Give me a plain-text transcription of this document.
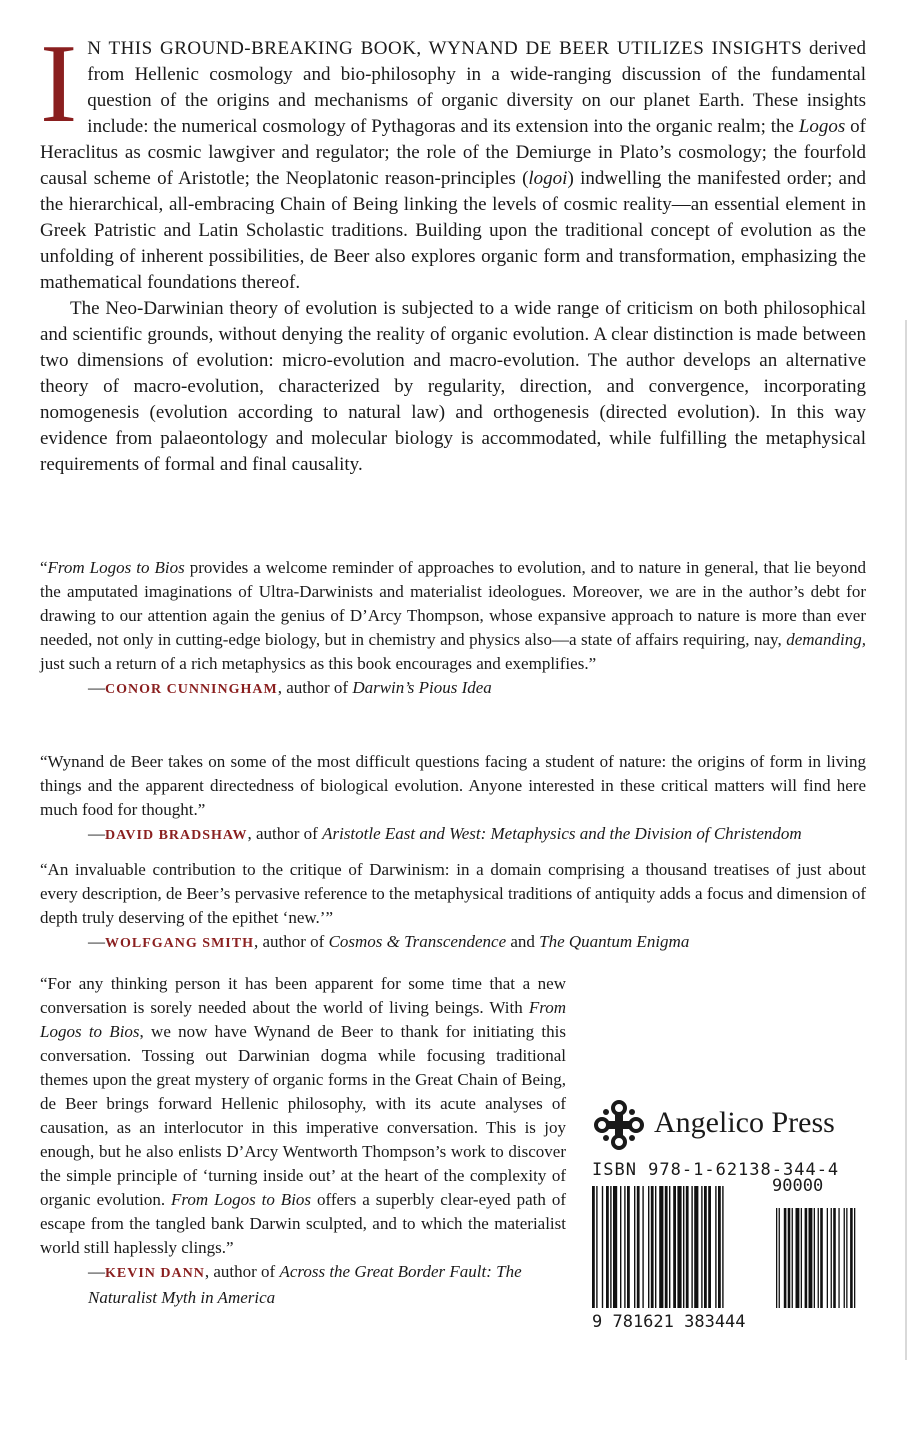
I N THIS GROUND-BREAKING BOOK, WYNAND DE BEER UTILIZES INSIGHTS derived from Hellenic cosmology and bio-philosophy in a wide-ranging discussion of the fundamental question of the origins and mechanisms of organic diversity on our planet Earth. These insights include: the numerical cosmology of Pythagoras and its extension into the organic realm; the Logos of Heraclitus as cosmic lawgiver and regulator; the role of the Demiurge in Plato’s cosmology; the fourfold causal scheme of Aristotle; the Neoplatonic reason-principles (logoi) indwelling the manifested order; and the hierarchical, all-embracing Chain of Being linking the levels of cosmic reality—an essential element in Greek Patristic and Latin Scholastic traditions. Building upon the traditional concept of evolution as the unfolding of inherent possibilities, de Beer also explores organic form and transformation, emphasizing the mathematical foundations thereof.

The Neo-Darwinian theory of evolution is subjected to a wide range of criticism on both philosophical and scientific grounds, without denying the reality of organic evolution. A clear distinction is made between two dimensions of evolution: micro-evolution and macro-evolution. The author develops an alternative theory of macro-evolution, characterized by regularity, direction, and convergence, incorporating nomogenesis (evolution according to natural law) and orthogenesis (directed evolution). In this way evidence from palaeontology and molecular biology is accommodated, while fulfilling the metaphysical requirements of formal and final causality.

“From Logos to Bios provides a welcome reminder of approaches to evolution, and to nature in general, that lie beyond the amputated imaginations of Ultra-Darwinists and materialist ideologues. Moreover, we are in the author’s debt for drawing to our attention again the genius of D’Arcy Thompson, whose expansive approach to nature is more than ever needed, not only in cutting-edge biology, but in chemistry and physics also—a state of affairs requiring, nay, demanding, just such a return of a rich metaphysics as this book encourages and exemplifies.”
—CONOR CUNNINGHAM, author of Darwin’s Pious Idea
“Wynand de Beer takes on some of the most difficult questions facing a student of nature: the origins of form in living things and the apparent directedness of biological evolution. Anyone interested in these critical matters will find here much food for thought.”
—DAVID BRADSHAW, author of Aristotle East and West: Metaphysics and the Division of Christendom
“An invaluable contribution to the critique of Darwinism: in a domain comprising a thousand treatises of just about every description, de Beer’s pervasive reference to the metaphysical traditions of antiquity adds a focus and dimension of depth truly deserving of the epithet ‘new.’”
—WOLFGANG SMITH, author of Cosmos & Transcendence and The Quantum Enigma
“For any thinking person it has been apparent for some time that a new conversation is sorely needed about the world of living beings. With From Logos to Bios, we now have Wynand de Beer to thank for initiating this conversation. Tossing out Darwinian dogma while focusing traditional themes upon the great mystery of organic forms in the Great Chain of Being, de Beer brings forward Hellenic philosophy, with its acute analyses of causation, as an interlocutor in this imperative conversation. This is joy enough, but he also enlists D’Arcy Wentworth Thompson’s work to discover the simple principle of ‘turning inside out’ at the heart of the complexity of organic evolution. From Logos to Bios offers a superbly clear-eyed path of escape from the tangled bank Darwin sculpted, and to which the materialist world still haplessly clings.”
—KEVIN DANN, author of Across the Great Border Fault: The Naturalist Myth in America
Angelico Press
ISBN 978-1-62138-344-4
90000
9 781621 383444
